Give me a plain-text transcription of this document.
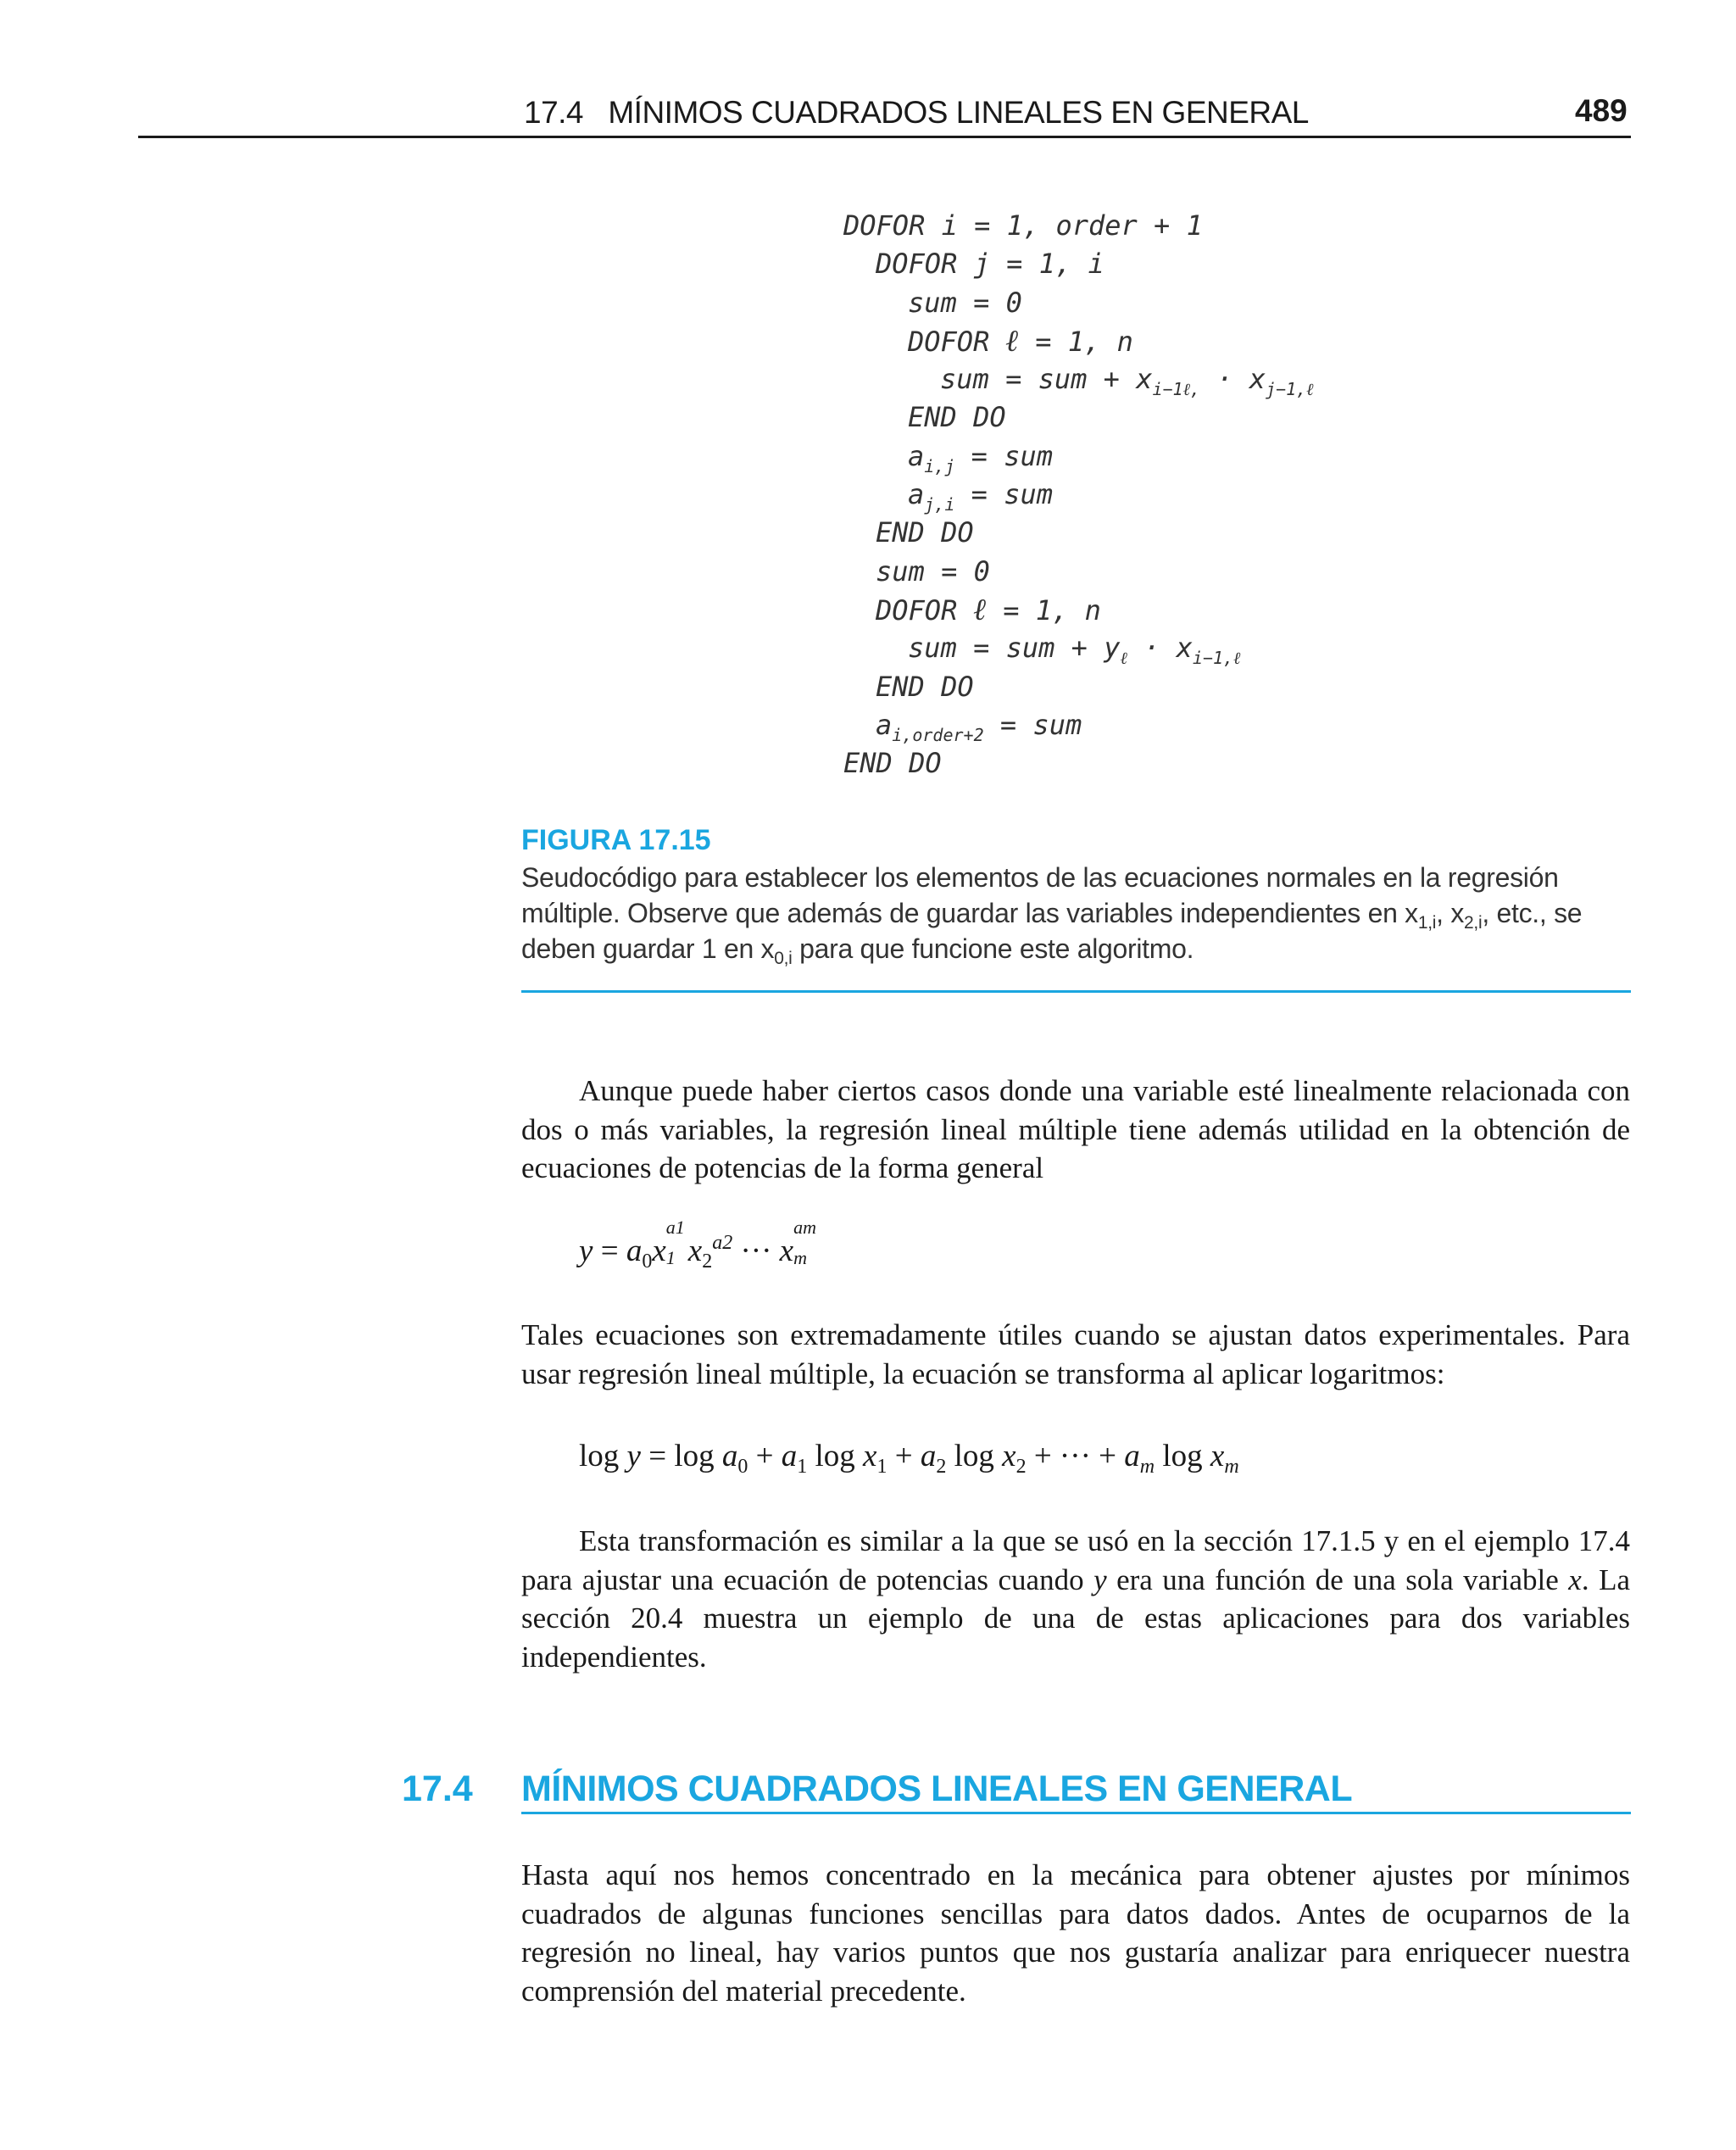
17.4   MÍNIMOS CUADRADOS LINEALES EN GENERAL	489
DOFOR i = 1, order + 1
DOFOR j = 1, i
sum = 0
DOFOR ℓ = 1, n
sum = sum + $x_{i-1\ell,} \cdot x_{j-1,\ell}$
END DO
$a_{i,j}$ = sum
$a_{j,i}$ = sum
END DO
sum = 0
DOFOR ℓ = 1, n
sum = sum + $y_\ell \cdot x_{i-1,\ell}$
END DO
$a_{i,order+2}$ = sum
END DO
FIGURA 17.15
Seudocódigo para establecer los elementos de las ecuaciones normales en la regresión múltiple. Observe que además de guardar las variables independientes en $x_{1,i}$, $x_{2,i}$, etc., se deben guardar 1 en $x_{0,i}$ para que funcione este algoritmo.
Aunque puede haber ciertos casos donde una variable esté linealmente relacionada con dos o más variables, la regresión lineal múltiple tiene además utilidad en la obtención de ecuaciones de potencias de la forma general
$y = a_0x$
a1
1 $x_2^{a2}$ ··· x
am
m
Tales ecuaciones son extremadamente útiles cuando se ajustan datos experimentales. Para usar regresión lineal múltiple, la ecuación se transforma al aplicar logaritmos:
$\log y = \log a_0 + a_1$ $\log x_1 + a_2$ $\log x_2$ + ··· + $a_m$ $\log x_m$
Esta transformación es similar a la que se usó en la sección 17.1.5 y en el ejemplo 17.4 para ajustar una ecuación de potencias cuando y era una función de una sola variable x. La sección 20.4 muestra un ejemplo de una de estas aplicaciones para dos variables independientes.
17.4 MÍNIMOS CUADRADOS LINEALES EN GENERAL
Hasta aquí nos hemos concentrado en la mecánica para obtener ajustes por mínimos cuadrados de algunas funciones sencillas para datos dados. Antes de ocuparnos de la regresión no lineal, hay varios puntos que nos gustaría analizar para enriquecer nuestra comprensión del material precedente.
